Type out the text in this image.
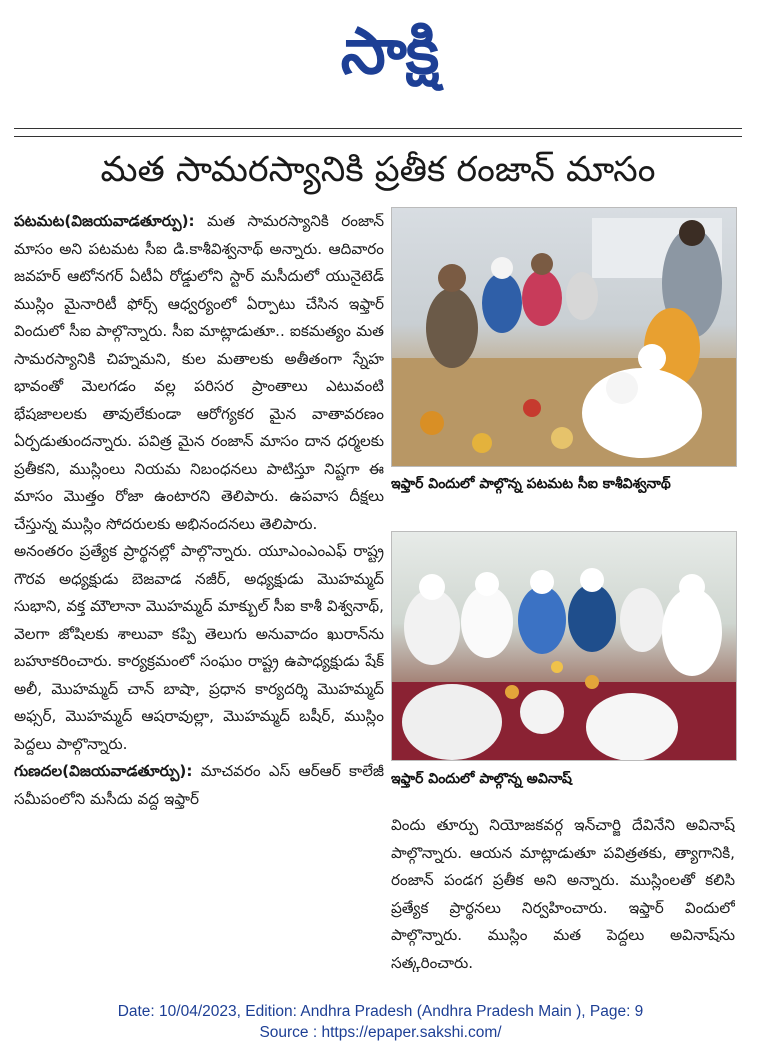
సాక్షి
మత సామరస్యానికి ప్రతీక రంజాన్ మాసం

పటమట(విజయవాడతూర్పు): మత సామరస్యానికి రంజాన్ మాసం అని పటమట సీఐ డి.కాశీవిశ్వనాథ్ అన్నారు. ఆదివారం జవహర్ ఆటోనగర్ ఏటీఏ రోడ్డులోని స్టార్ మసీదులో యునైటెడ్ ముస్లిం మైనారిటీ ఫోర్స్ ఆధ్వర్యంలో ఏర్పాటు చేసిన ఇఫ్తార్ విందులో సీఐ పాల్గొన్నారు. సీఐ మాట్లాడుతూ.. ఐకమత్యం మత సామరస్యానికి చిహ్నమని, కుల మతాలకు అతీతంగా స్నేహ భావంతో మెలగడం వల్ల పరిసర ప్రాంతాలు ఎటువంటి భేషజాలలకు తావులేకుండా ఆరోగ్యకర మైన వాతావరణం ఏర్పడుతుందన్నారు. పవిత్ర మైన రంజాన్ మాసం దాన ధర్మలకు ప్రతీకని, ముస్లింలు నియమ నిబంధనలు పాటిస్తూ నిష్టగా ఈ మాసం మొత్తం రోజా ఉంటారని తెలిపారు. ఉపవాస దీక్షలు చేస్తున్న ముస్లిం సోదరులకు అభినందనలు తెలిపారు.

అనంతరం ప్రత్యేక ప్రార్థనల్లో పాల్గొన్నారు. యూఎంఎంఎఫ్ రాష్ట్ర గౌరవ అధ్యక్షుడు బెజవాడ నజీర్, అధ్యక్షుడు మొహమ్మద్ సుభాని, వక్త మౌలానా మొహమ్మద్ మాక్బుల్ సీఐ కాశీ విశ్వనాథ్, వెలగా జోషిలకు శాలువా కప్పి తెలుగు అనువాదం ఖురాన్‌ను బహూకరించారు. కార్యక్రమంలో సంఘం రాష్ట్ర ఉపాధ్యక్షుడు షేక్ అలీ, మొహమ్మద్ చాన్ బాషా, ప్రధాన కార్యదర్శి మొహమ్మద్ అఫ్సర్, మొహమ్మద్ ఆషరావుల్లా, మొహమ్మద్ బషీర్, ముస్లిం పెద్దలు పాల్గొన్నారు.

గుణదల(విజయవాడతూర్పు): మాచవరం ఎస్ ఆర్ఆర్ కాలేజీ సమీపంలోని మసీదు వద్ద ఇఫ్తార్

ఇఫ్తార్ విందులో పాల్గొన్న పటమట సీఐ కాశీవిశ్వనాథ్
ఇఫ్తార్ విందులో పాల్గొన్న అవినాష్
విందు తూర్పు నియోజకవర్గ ఇన్‌చార్జి దేవినేని అవినాష్ పాల్గొన్నారు. ఆయన మాట్లాడుతూ పవిత్రతకు, త్యాగానికి, రంజాన్ పండగ ప్రతీక అని అన్నారు. ముస్లింలతో కలిసి ప్రత్యేక ప్రార్థనలు నిర్వహించారు. ఇఫ్తార్ విందులో పాల్గొన్నారు. ముస్లిం మత పెద్దలు అవినాష్‌ను సత్కరించారు.
Date: 10/04/2023, Edition: Andhra Pradesh (Andhra Pradesh Main ), Page: 9
Source : https://epaper.sakshi.com/
